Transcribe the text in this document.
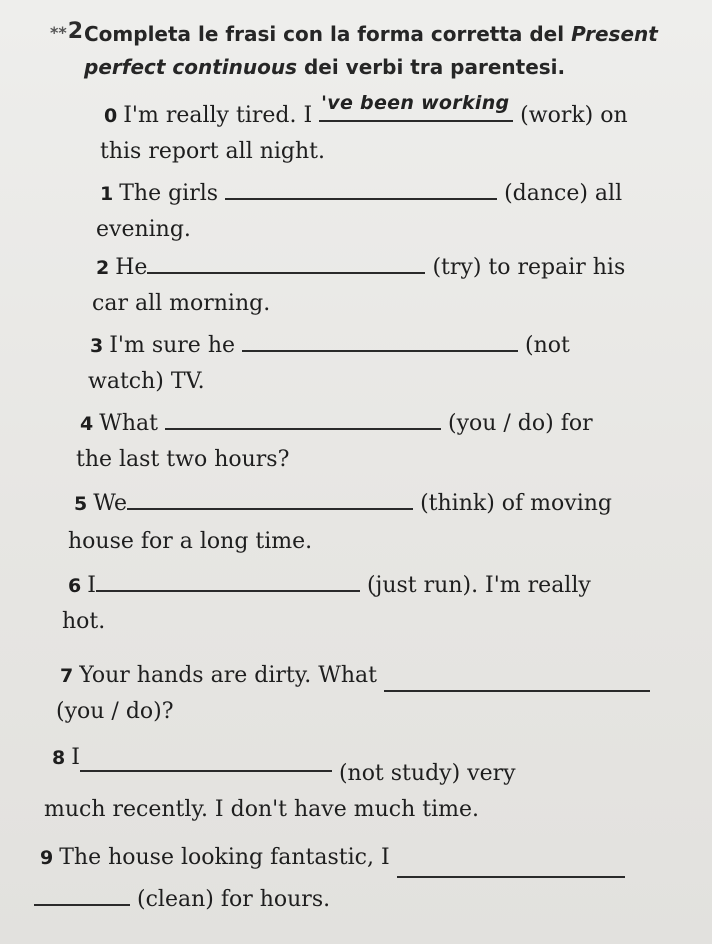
**2 Completa le frasi con la forma corretta del Present
perfect continuous dei verbi tra parentesi.
0 I'm really tired. I 've been working (work) on
this report all night.
1 The girls	(dance) all
evening.
2 He	(try) to repair his
car all morning.
3 I'm sure he	(not
watch) TV.
4 What	(you / do) for
the last two hours?
5 We	(think) of moving
house for a long time.
6 I	(just run). I'm really
hot.
7 Your hands are dirty. What
(you / do)?
8 I (not study) very
much recently. I don't have much time.
9 The house looking fantastic, I
(clean) for hours.
